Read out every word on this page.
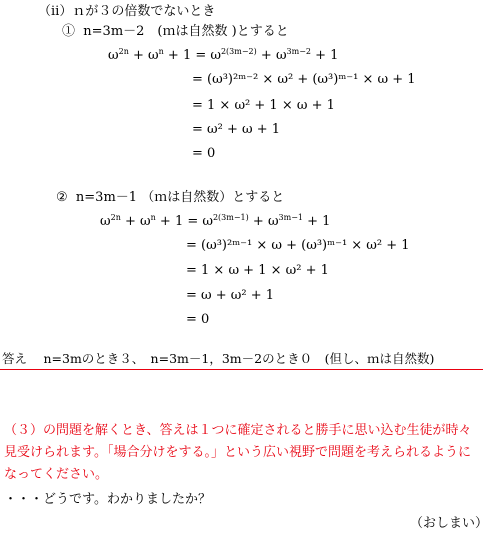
（ⅱ）ｎが３の倍数でないとき
① n=3m－2　(ｍは自然数 )とすると
$\omega^{2n} + \omega^n + 1 = \omega^{2(3m-2)} + \omega^{3m-2} + 1$
= (ω³)²ᵐ⁻² × ω² + (ω³)ᵐ⁻¹ × ω + 1
= 1 × ω² + 1 × ω + 1
= ω² + ω + 1
= 0
② n=3m－1 （ｍは自然数）とすると
$\omega^{2n} + \omega^n + 1 = \omega^{2(3m-1)} + \omega^{3m-1} + 1$
= (ω³)²ᵐ⁻¹ × ω + (ω³)ᵐ⁻¹ × ω² + 1
= 1 × ω + 1 × ω² + 1
= ω + ω² + 1
= 0
答え　 n=3mのとき３、　n=3m－1，3m－2のとき０　(但し、ｍは自然数)
（３）の問題を解くとき、答えは１つに確定されると勝手に思い込む生徒が時々見受けられます。「場合分けをする。」という広い視野で問題を考えられるようになってください。
・・・どうです。わかりましたか？
（おしまい）
